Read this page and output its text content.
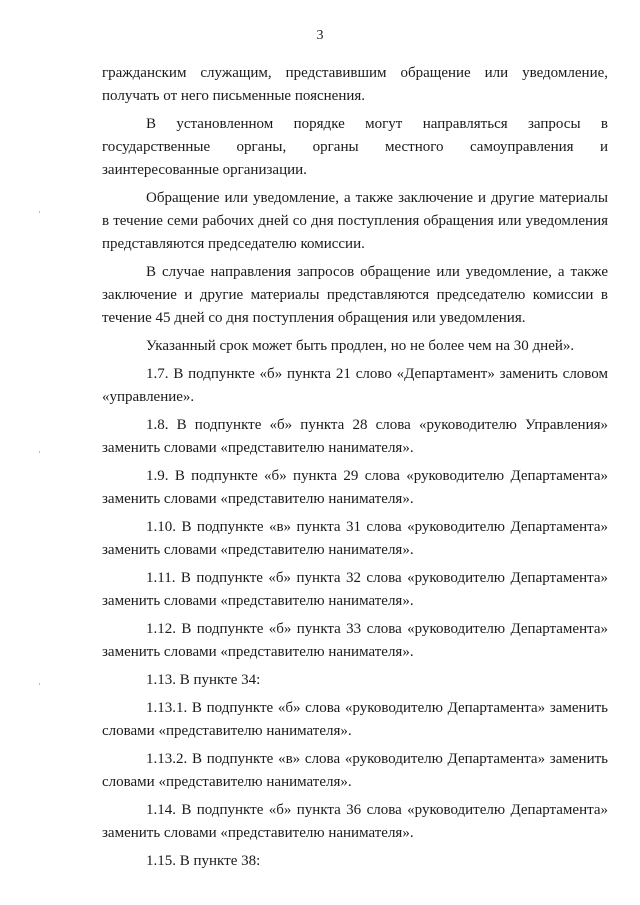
3
·
·
·

гражданским служащим, представившим обращение или уведомление, получать от него письменные пояснения.

В установленном порядке могут направляться запросы в государственные органы, органы местного самоуправления и заинтересованные организации.

Обращение или уведомление, а также заключение и другие материалы в течение семи рабочих дней со дня поступления обращения или уведомления представляются председателю комиссии.

В случае направления запросов обращение или уведомление, а также заключение и другие материалы представляются председателю комиссии в течение 45 дней со дня поступления обращения или уведомления.

Указанный срок может быть продлен, но не более чем на 30 дней».

1.7. В подпункте «б» пункта 21 слово «Департамент» заменить словом «управление».

1.8. В подпункте «б» пункта 28 слова «руководителю Управления» заменить словами «представителю нанимателя».

1.9. В подпункте «б» пункта 29 слова «руководителю Департамента» заменить словами «представителю нанимателя».

1.10. В подпункте «в» пункта 31 слова «руководителю Департамента» заменить словами «представителю нанимателя».

1.11. В подпункте «б» пункта 32 слова «руководителю Департамента» заменить словами «представителю нанимателя».

1.12. В подпункте «б» пункта 33 слова «руководителю Департамента» заменить словами «представителю нанимателя».

1.13. В пункте 34:

1.13.1. В подпункте «б» слова «руководителю Департамента» заменить словами «представителю нанимателя».

1.13.2. В подпункте «в» слова «руководителю Департамента» заменить словами «представителю нанимателя».

1.14. В подпункте «б» пункта 36 слова «руководителю Департамента» заменить словами «представителю нанимателя».

1.15. В пункте 38:
